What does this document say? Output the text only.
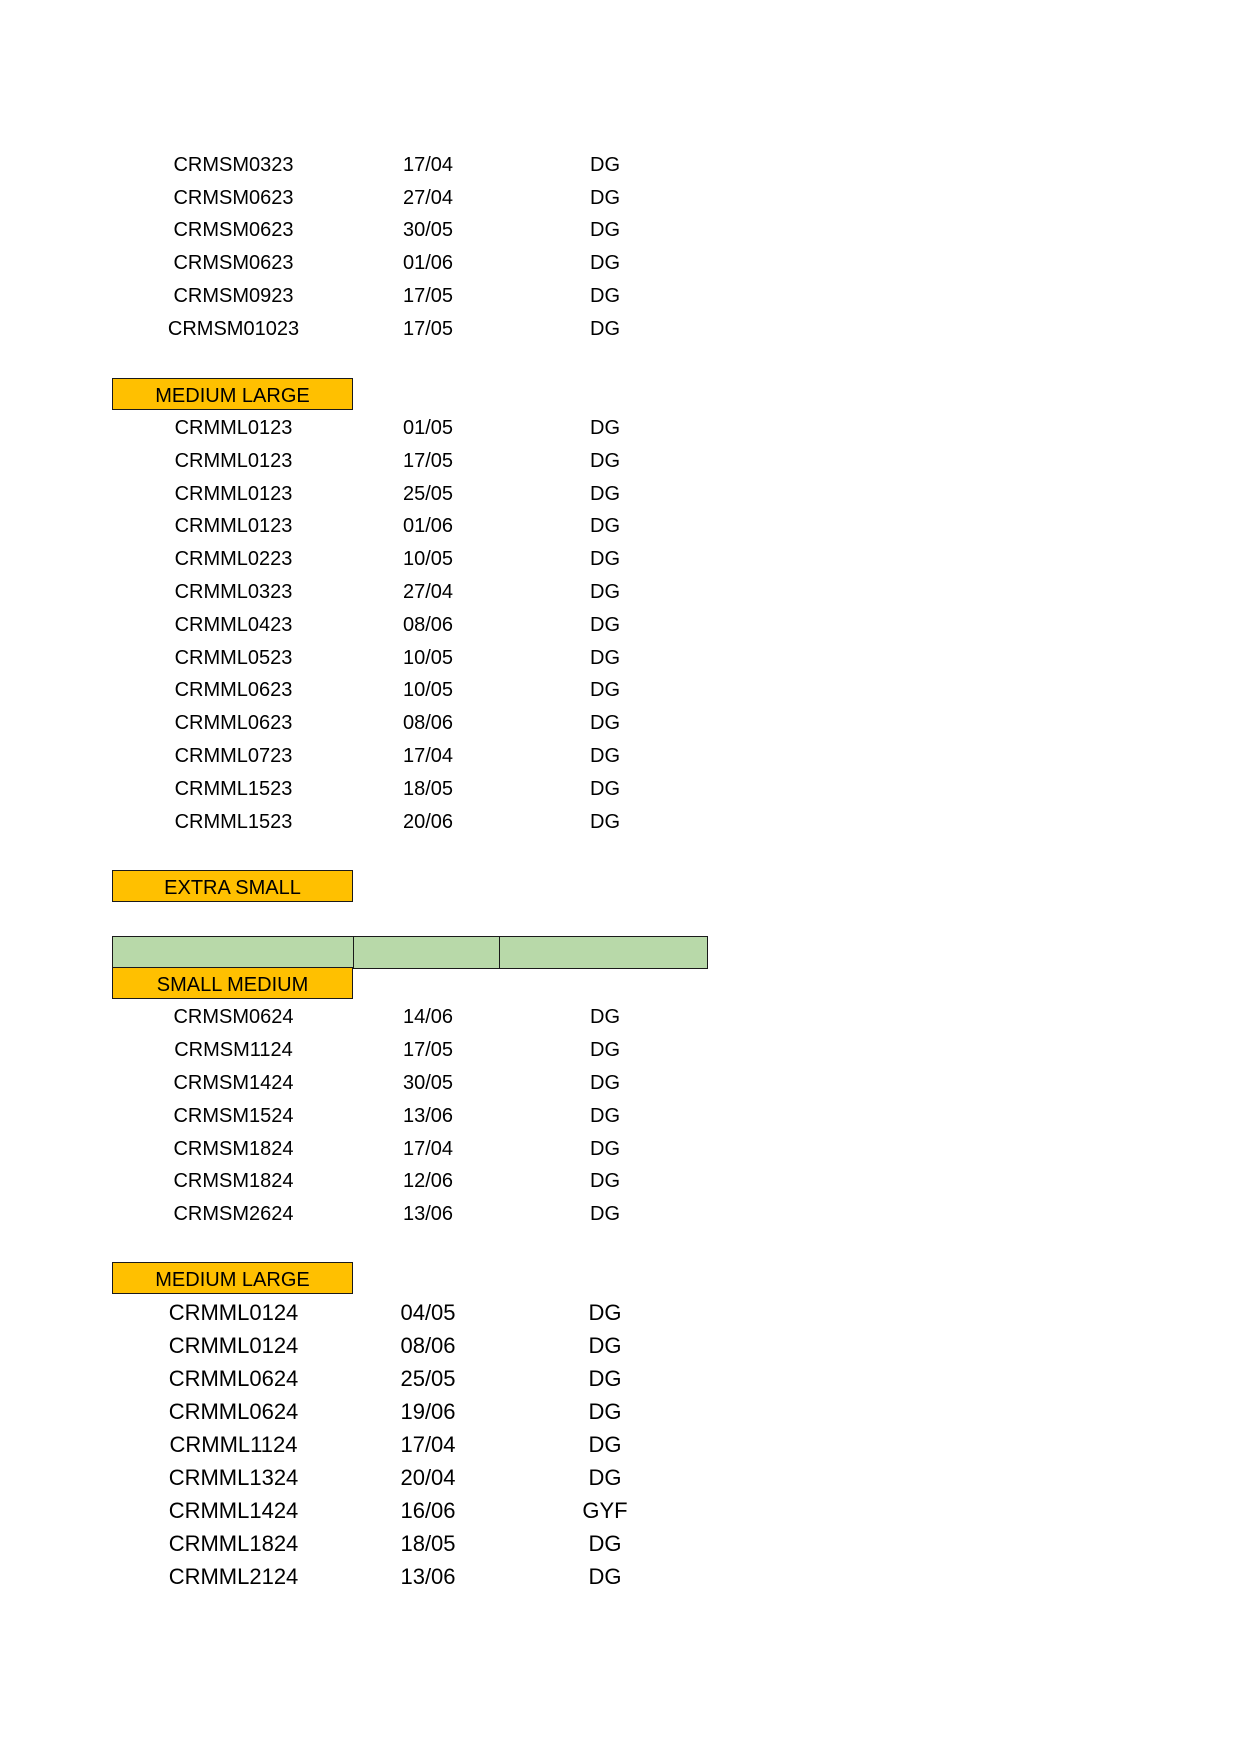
CRMSM0323	17/04	DG
CRMSM0623	27/04	DG
CRMSM0623	30/05	DG
CRMSM0623	01/06	DG
CRMSM0923	17/05	DG
CRMSM01023	17/05	DG
MEDIUM LARGE
CRMML0123	01/05	DG
CRMML0123	17/05	DG
CRMML0123	25/05	DG
CRMML0123	01/06	DG
CRMML0223	10/05	DG
CRMML0323	27/04	DG
CRMML0423	08/06	DG
CRMML0523	10/05	DG
CRMML0623	10/05	DG
CRMML0623	08/06	DG
CRMML0723	17/04	DG
CRMML1523	18/05	DG
CRMML1523	20/06	DG
EXTRA SMALL
SMALL MEDIUM
CRMSM0624	14/06	DG
CRMSM1124	17/05	DG
CRMSM1424	30/05	DG
CRMSM1524	13/06	DG
CRMSM1824	17/04	DG
CRMSM1824	12/06	DG
CRMSM2624	13/06	DG
MEDIUM LARGE
CRMML0124	04/05	DG
CRMML0124	08/06	DG
CRMML0624	25/05	DG
CRMML0624	19/06	DG
CRMML1124	17/04	DG
CRMML1324	20/04	DG
CRMML1424	16/06	GYF
CRMML1824	18/05	DG
CRMML2124	13/06	DG
